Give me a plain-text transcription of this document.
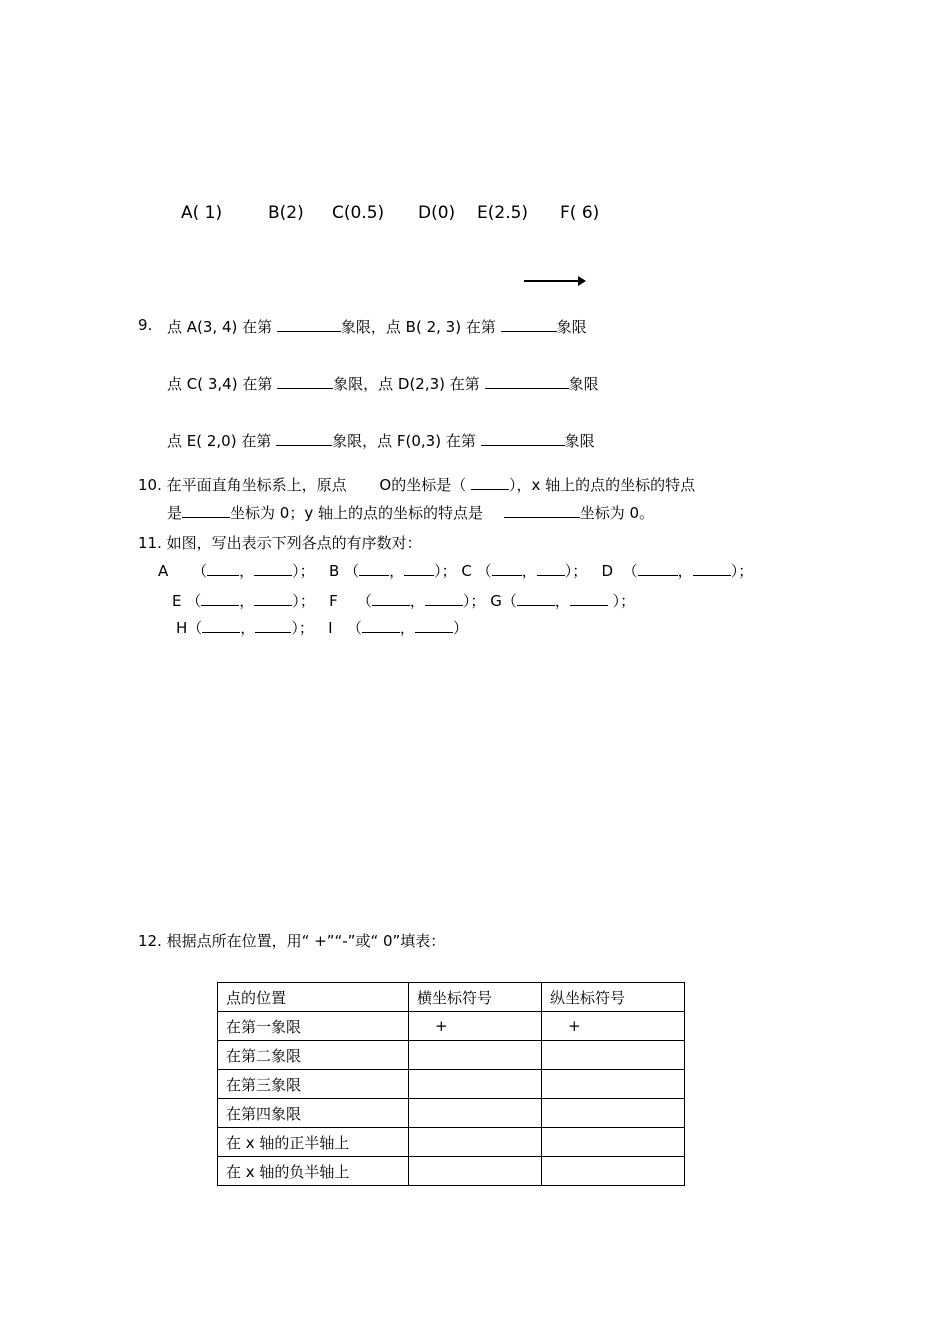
A( 1)	B(2) C(0.5) D(0) E(2.5) F( 6)
9. 点 A(3, 4) 在第	象限，点 B( 2, 3) 在第	象限
点 C( 3,4) 在第	象限，点 D(2,3) 在第	象限
点 E( 2,0) 在第	象限，点 F(0,3) 在第	象限
10. 在平面直角坐标系上，原点 O的坐标是（	），x 轴上的点的坐标的特点
是	坐标为 0；y 轴上的点的坐标的特点是	坐标为 0。
11. 如图，写出表示下列各点的有序数对：
A （ ，	）； B （ ， ）； C （ ， ）； D （	，	）；
E （	，	）； F （	，	）； G（	，	）；
H（	， ）； I （	，	）
12. 根据点所在位置，用“ +”“-”或“ 0”填表：
点的位置	横坐标符号	纵坐标符号
在第一象限	+	+
在第二象限		
在第三象限		
在第四象限		
在 x 轴的正半轴上		
在 x 轴的负半轴上		
